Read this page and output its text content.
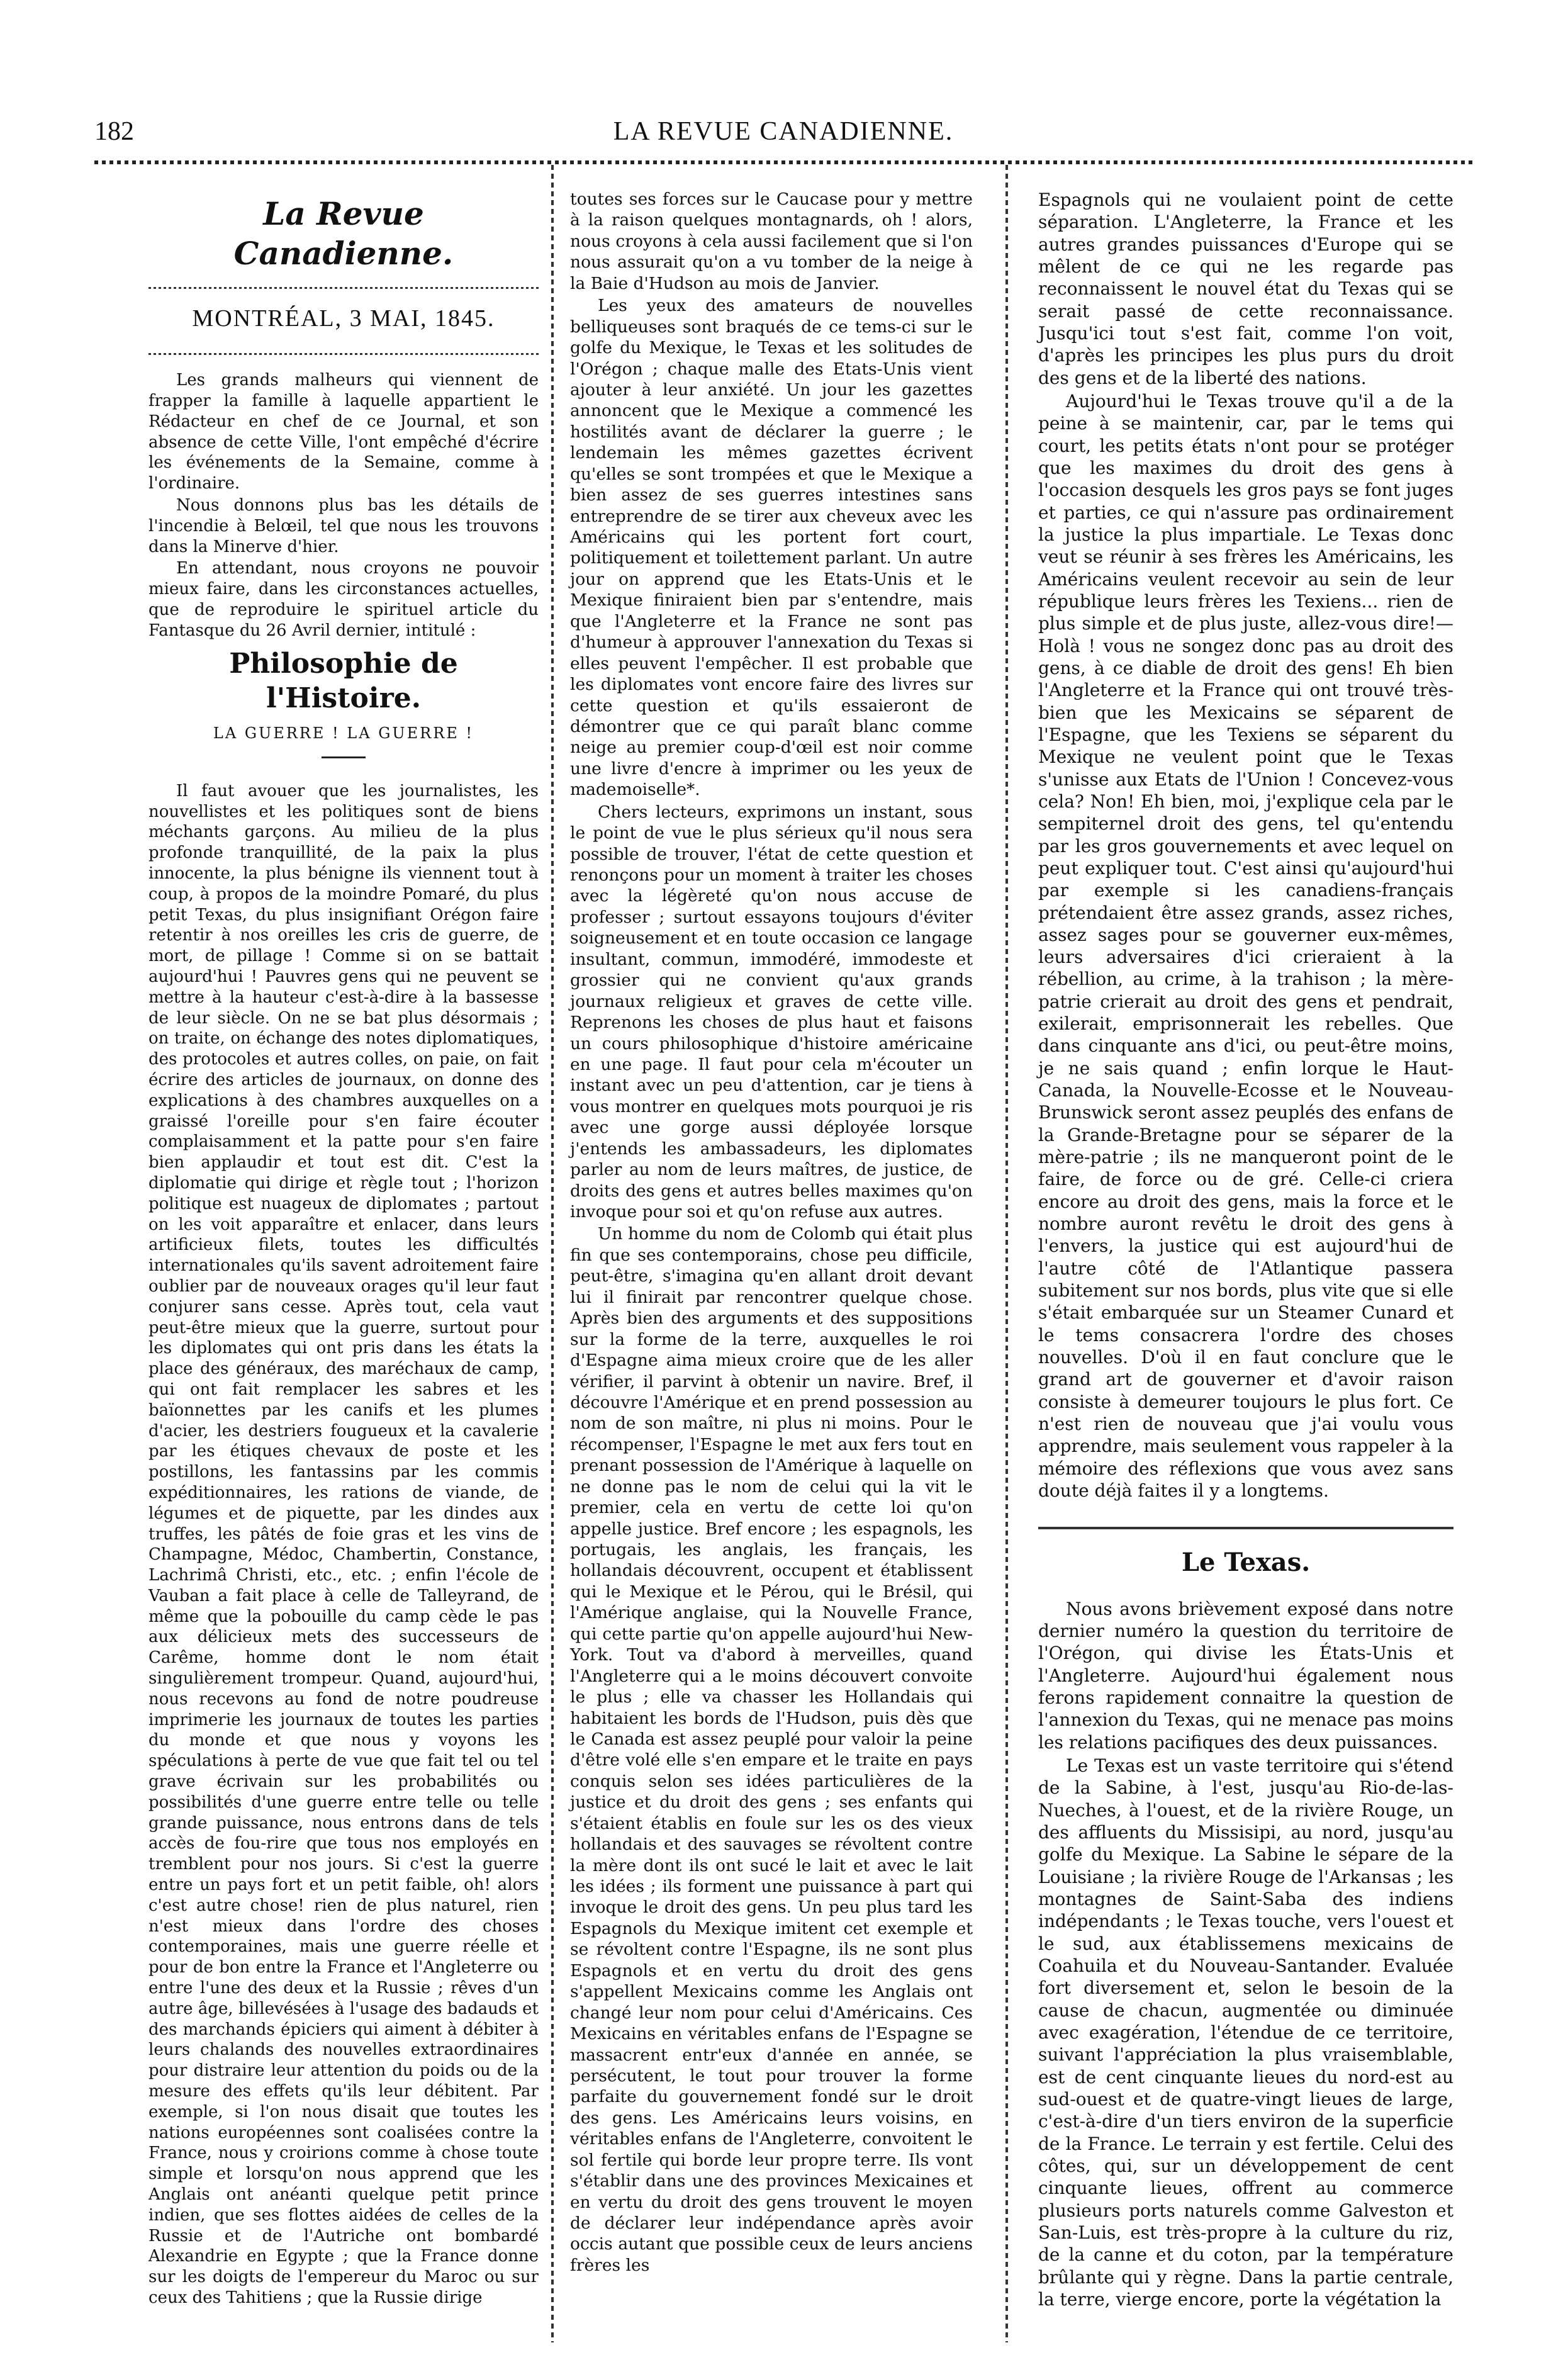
182	LA REVUE CANADIENNE.
La Revue Canadienne.
MONTRÉAL, 3 MAI, 1845.

Les grands malheurs qui viennent de frapper la famille à laquelle appartient le Rédacteur en chef de ce Journal, et son absence de cette Ville, l'ont empêché d'écrire les événements de la Semaine, comme à l'ordinaire.

Nous donnons plus bas les détails de l'incendie à Belœil, tel que nous les trouvons dans la Minerve d'hier.

En attendant, nous croyons ne pouvoir mieux faire, dans les circonstances actuelles, que de reproduire le spirituel article du Fantasque du 26 Avril dernier, intitulé :

Philosophie de l'Histoire.
LA GUERRE ! LA GUERRE !

Il faut avouer que les journalistes, les nouvellistes et les politiques sont de biens méchants garçons. Au milieu de la plus profonde tranquillité, de la paix la plus innocente, la plus bénigne ils viennent tout à coup, à propos de la moindre Pomaré, du plus petit Texas, du plus insignifiant Orégon faire retentir à nos oreilles les cris de guerre, de mort, de pillage ! Comme si on se battait aujourd'hui ! Pauvres gens qui ne peuvent se mettre à la hauteur c'est-à-dire à la bassesse de leur siècle. On ne se bat plus désormais ; on traite, on échange des notes diplomatiques, des protocoles et autres colles, on paie, on fait écrire des articles de journaux, on donne des explications à des chambres auxquelles on a graissé l'oreille pour s'en faire écouter complaisamment et la patte pour s'en faire bien applaudir et tout est dit. C'est la diplomatie qui dirige et règle tout ; l'horizon politique est nuageux de diplomates ; partout on les voit apparaître et enlacer, dans leurs artificieux filets, toutes les difficultés internationales qu'ils savent adroitement faire oublier par de nouveaux orages qu'il leur faut conjurer sans cesse. Après tout, cela vaut peut-être mieux que la guerre, surtout pour les diplomates qui ont pris dans les états la place des généraux, des maréchaux de camp, qui ont fait remplacer les sabres et les baïonnettes par les canifs et les plumes d'acier, les destriers fougueux et la cavalerie par les étiques chevaux de poste et les postillons, les fantassins par les commis expéditionnaires, les rations de viande, de légumes et de piquette, par les dindes aux truffes, les pâtés de foie gras et les vins de Champagne, Médoc, Chambertin, Constance, Lachrimâ Christi, etc., etc. ; enfin l'école de Vauban a fait place à celle de Talleyrand, de même que la pobouille du camp cède le pas aux délicieux mets des successeurs de Carême, homme dont le nom était singulièrement trompeur. Quand, aujourd'hui, nous recevons au fond de notre poudreuse imprimerie les journaux de toutes les parties du monde et que nous y voyons les spéculations à perte de vue que fait tel ou tel grave écrivain sur les probabilités ou possibilités d'une guerre entre telle ou telle grande puissance, nous entrons dans de tels accès de fou-rire que tous nos employés en tremblent pour nos jours. Si c'est la guerre entre un pays fort et un petit faible, oh! alors c'est autre chose! rien de plus naturel, rien n'est mieux dans l'ordre des choses contemporaines, mais une guerre réelle et pour de bon entre la France et l'Angleterre ou entre l'une des deux et la Russie ; rêves d'un autre âge, billevésées à l'usage des badauds et des marchands épiciers qui aiment à débiter à leurs chalands des nouvelles extraordinaires pour distraire leur attention du poids ou de la mesure des effets qu'ils leur débitent. Par exemple, si l'on nous disait que toutes les nations européennes sont coalisées contre la France, nous y croirions comme à chose toute simple et lorsqu'on nous apprend que les Anglais ont anéanti quelque petit prince indien, que ses flottes aidées de celles de la Russie et de l'Autriche ont bombardé Alexandrie en Egypte ; que la France donne sur les doigts de l'empereur du Maroc ou sur ceux des Tahitiens ; que la Russie dirige

toutes ses forces sur le Caucase pour y mettre à la raison quelques montagnards, oh ! alors, nous croyons à cela aussi facilement que si l'on nous assurait qu'on a vu tomber de la neige à la Baie d'Hudson au mois de Janvier.

Les yeux des amateurs de nouvelles belliqueuses sont braqués de ce tems-ci sur le golfe du Mexique, le Texas et les solitudes de l'Orégon ; chaque malle des Etats-Unis vient ajouter à leur anxiété. Un jour les gazettes annoncent que le Mexique a commencé les hostilités avant de déclarer la guerre ; le lendemain les mêmes gazettes écrivent qu'elles se sont trompées et que le Mexique a bien assez de ses guerres intestines sans entreprendre de se tirer aux cheveux avec les Américains qui les portent fort court, politiquement et toilettement parlant. Un autre jour on apprend que les Etats-Unis et le Mexique finiraient bien par s'entendre, mais que l'Angleterre et la France ne sont pas d'humeur à approuver l'annexation du Texas si elles peuvent l'empêcher. Il est probable que les diplomates vont encore faire des livres sur cette question et qu'ils essaieront de démontrer que ce qui paraît blanc comme neige au premier coup-d'œil est noir comme une livre d'encre à imprimer ou les yeux de mademoiselle*.

Chers lecteurs, exprimons un instant, sous le point de vue le plus sérieux qu'il nous sera possible de trouver, l'état de cette question et renonçons pour un moment à traiter les choses avec la légèreté qu'on nous accuse de professer ; surtout essayons toujours d'éviter soigneusement et en toute occasion ce langage insultant, commun, immodéré, immodeste et grossier qui ne convient qu'aux grands journaux religieux et graves de cette ville. Reprenons les choses de plus haut et faisons un cours philosophique d'histoire américaine en une page. Il faut pour cela m'écouter un instant avec un peu d'attention, car je tiens à vous montrer en quelques mots pourquoi je ris avec une gorge aussi déployée lorsque j'entends les ambassadeurs, les diplomates parler au nom de leurs maîtres, de justice, de droits des gens et autres belles maximes qu'on invoque pour soi et qu'on refuse aux autres.

Un homme du nom de Colomb qui était plus fin que ses contemporains, chose peu difficile, peut-être, s'imagina qu'en allant droit devant lui il finirait par rencontrer quelque chose. Après bien des arguments et des suppositions sur la forme de la terre, auxquelles le roi d'Espagne aima mieux croire que de les aller vérifier, il parvint à obtenir un navire. Bref, il découvre l'Amérique et en prend possession au nom de son maître, ni plus ni moins. Pour le récompenser, l'Espagne le met aux fers tout en prenant possession de l'Amérique à laquelle on ne donne pas le nom de celui qui la vit le premier, cela en vertu de cette loi qu'on appelle justice. Bref encore ; les espagnols, les portugais, les anglais, les français, les hollandais découvrent, occupent et établissent qui le Mexique et le Pérou, qui le Brésil, qui l'Amérique anglaise, qui la Nouvelle France, qui cette partie qu'on appelle aujourd'hui New-York. Tout va d'abord à merveilles, quand l'Angleterre qui a le moins découvert convoite le plus ; elle va chasser les Hollandais qui habitaient les bords de l'Hudson, puis dès que le Canada est assez peuplé pour valoir la peine d'être volé elle s'en empare et le traite en pays conquis selon ses idées particulières de la justice et du droit des gens ; ses enfants qui s'étaient établis en foule sur les os des vieux hollandais et des sauvages se révoltent contre la mère dont ils ont sucé le lait et avec le lait les idées ; ils forment une puissance à part qui invoque le droit des gens. Un peu plus tard les Espagnols du Mexique imitent cet exemple et se révoltent contre l'Espagne, ils ne sont plus Espagnols et en vertu du droit des gens s'appellent Mexicains comme les Anglais ont changé leur nom pour celui d'Américains. Ces Mexicains en véritables enfans de l'Espagne se massacrent entr'eux d'année en année, se persécutent, le tout pour trouver la forme parfaite du gouvernement fondé sur le droit des gens. Les Américains leurs voisins, en véritables enfans de l'Angleterre, convoitent le sol fertile qui borde leur propre terre. Ils vont s'établir dans une des provinces Mexicaines et en vertu du droit des gens trouvent le moyen de déclarer leur indépendance après avoir occis autant que possible ceux de leurs anciens frères les

Espagnols qui ne voulaient point de cette séparation. L'Angleterre, la France et les autres grandes puissances d'Europe qui se mêlent de ce qui ne les regarde pas reconnaissent le nouvel état du Texas qui se serait passé de cette reconnaissance. Jusqu'ici tout s'est fait, comme l'on voit, d'après les principes les plus purs du droit des gens et de la liberté des nations.

Aujourd'hui le Texas trouve qu'il a de la peine à se maintenir, car, par le tems qui court, les petits états n'ont pour se protéger que les maximes du droit des gens à l'occasion desquels les gros pays se font juges et parties, ce qui n'assure pas ordinairement la justice la plus impartiale. Le Texas donc veut se réunir à ses frères les Américains, les Américains veulent recevoir au sein de leur république leurs frères les Texiens... rien de plus simple et de plus juste, allez-vous dire!— Holà ! vous ne songez donc pas au droit des gens, à ce diable de droit des gens! Eh bien l'Angleterre et la France qui ont trouvé très-bien que les Mexicains se séparent de l'Espagne, que les Texiens se séparent du Mexique ne veulent point que le Texas s'unisse aux Etats de l'Union ! Concevez-vous cela? Non! Eh bien, moi, j'explique cela par le sempiternel droit des gens, tel qu'entendu par les gros gouvernements et avec lequel on peut expliquer tout. C'est ainsi qu'aujourd'hui par exemple si les canadiens-français prétendaient être assez grands, assez riches, assez sages pour se gouverner eux-mêmes, leurs adversaires d'ici crieraient à la rébellion, au crime, à la trahison ; la mère-patrie crierait au droit des gens et pendrait, exilerait, emprisonnerait les rebelles. Que dans cinquante ans d'ici, ou peut-être moins, je ne sais quand ; enfin lorque le Haut-Canada, la Nouvelle-Ecosse et le Nouveau-Brunswick seront assez peuplés des enfans de la Grande-Bretagne pour se séparer de la mère-patrie ; ils ne manqueront point de le faire, de force ou de gré. Celle-ci criera encore au droit des gens, mais la force et le nombre auront revêtu le droit des gens à l'envers, la justice qui est aujourd'hui de l'autre côté de l'Atlantique passera subitement sur nos bords, plus vite que si elle s'était embarquée sur un Steamer Cunard et le tems consacrera l'ordre des choses nouvelles. D'où il en faut conclure que le grand art de gouverner et d'avoir raison consiste à demeurer toujours le plus fort. Ce n'est rien de nouveau que j'ai voulu vous apprendre, mais seulement vous rappeler à la mémoire des réflexions que vous avez sans doute déjà faites il y a longtems.

Le Texas.

Nous avons brièvement exposé dans notre dernier numéro la question du territoire de l'Orégon, qui divise les États-Unis et l'Angleterre. Aujourd'hui également nous ferons rapidement connaitre la question de l'annexion du Texas, qui ne menace pas moins les relations pacifiques des deux puissances.

Le Texas est un vaste territoire qui s'étend de la Sabine, à l'est, jusqu'au Rio-de-las-Nueches, à l'ouest, et de la rivière Rouge, un des affluents du Missisipi, au nord, jusqu'au golfe du Mexique. La Sabine le sépare de la Louisiane ; la rivière Rouge de l'Arkansas ; les montagnes de Saint-Saba des indiens indépendants ; le Texas touche, vers l'ouest et le sud, aux établissemens mexicains de Coahuila et du Nouveau-Santander. Evaluée fort diversement et, selon le besoin de la cause de chacun, augmentée ou diminuée avec exagération, l'étendue de ce territoire, suivant l'appréciation la plus vraisemblable, est de cent cinquante lieues du nord-est au sud-ouest et de quatre-vingt lieues de large, c'est-à-dire d'un tiers environ de la superficie de la France. Le terrain y est fertile. Celui des côtes, qui, sur un développement de cent cinquante lieues, offrent au commerce plusieurs ports naturels comme Galveston et San-Luis, est très-propre à la culture du riz, de la canne et du coton, par la température brûlante qui y règne. Dans la partie centrale, la terre, vierge encore, porte la végétation la
